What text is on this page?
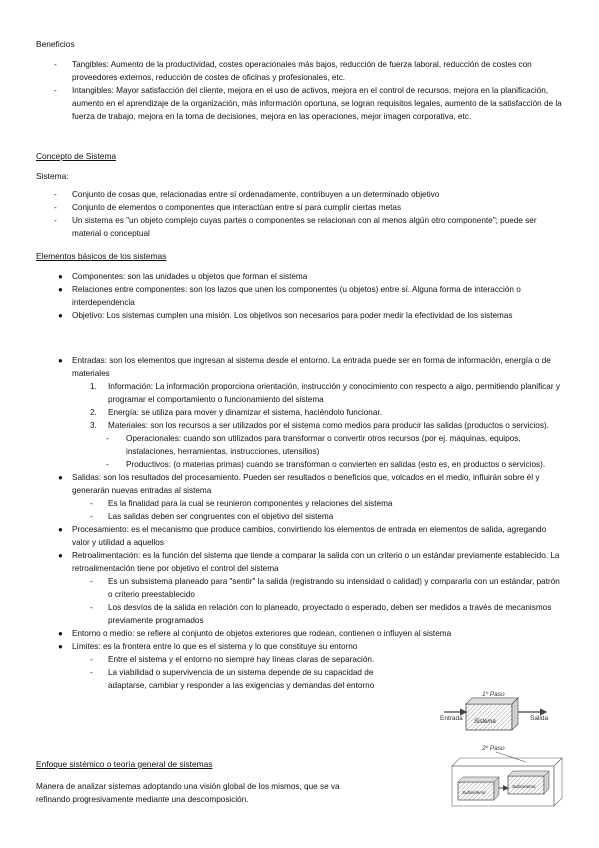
Beneficios
- Tangibles: Aumento de la productividad, costes operacionales más bajos, reducción de fuerza laboral, reducción de costes con proveedores externos, reducción de costes de oficinas y profesionales, etc.

- Intangibles: Mayor satisfacción del cliente, mejora en el uso de activos, mejora en el control de recursos, mejora en la planificación, aumento en el aprendizaje de la organización, más información oportuna, se logran requisitos legales, aumento de la satisfacción de la fuerza de trabajo, mejora en la toma de decisiones, mejora en las operaciones, mejor imagen corporativa, etc.

Concepto de Sistema
Sistema:
- Conjunto de cosas que, relacionadas entre sí ordenadamente, contribuyen a un determinado objetivo

- Conjunto de elementos o componentes que interactúan entre sí para cumplir ciertas metas

- Un sistema es "un objeto complejo cuyas partes o componentes se relacionan con al menos algún otro componente"; puede ser material o conceptual

Elementos básicos de los sistemas
● Componentes: son las unidades u objetos que forman el sistema

● Relaciones entre componentes: son los lazos que unen los componentes (u objetos) entre sí. Alguna forma de interacción o interdependencia

● Objetivo: Los sistemas cumplen una misión. Los objetivos son necesarios para poder medir la efectividad de los sistemas

● Entradas: son los elementos que ingresan al sistema desde el entorno. La entrada puede ser en forma de información, energía o de materiales

1. Información: La información proporciona orientación, instrucción y conocimiento con respecto a algo, permitiendo planificar y programar el comportamiento o funcionamiento del sistema

2. Energía: se utiliza para mover y dinamizar el sistema, haciéndolo funcionar.

3. Materiales: son los recursos a ser utilizados por el sistema como medios para producir las salidas (productos o servicios).

- Operacionales: cuando son utilizados para transformar o convertir otros recursos (por ej. máquinas, equipos, instalaciones, herramientas, instrucciones, utensilios)

- Productivos: (o materias primas) cuando se transforman o convierten en salidas (esto es, en productos o servicios).

● Salidas: son los resultados del procesamiento. Pueden ser resultados o beneficios que, volcados en el medio, influirán sobre él y generarán nuevas entradas al sistema

- Es la finalidad para la cual se reunieron componentes y relaciones del sistema

- Las salidas deben ser congruentes con el objetivo del sistema

● Procesamiento: es el mecanismo que produce cambios, convirtiendo los elementos de entrada en elementos de salida, agregando valor y utilidad a aquellos

● Retroalimentación: es la función del sistema que tiende a comparar la salida con un criterio o un estándar previamente establecido. La retroalimentación tiene por objetivo el control del sistema

- Es un subsistema planeado para "sentir" la salida (registrando su intensidad o calidad) y compararla con un estándar, patrón o criterio preestablecido

- Los desvíos de la salida en relación con lo planeado, proyectado o esperado, deben ser medidos a través de mecanismos previamente programados

● Entorno o medio: se refiere al conjunto de objetos exteriores que rodean, contienen o influyen al sistema

● Límites: es la frontera entre lo que es el sistema y lo que constituye su entorno

- Entre el sistema y el entorno no siempre hay líneas claras de separación.

- La viabilidad o supervivencia de un sistema depende de su capacidad de adaptarse, cambiar y responder a las exigencias y demandas del entorno

Enfoque sistémico o teoría general de sistemas

Manera de analizar sistemas adoptando una visión global de los mismos, que se va refinando progresivamente mediante una descomposición.

1º Paso
Entrada Sistema	Salida
2º Paso
Subsistema
Subsistema
